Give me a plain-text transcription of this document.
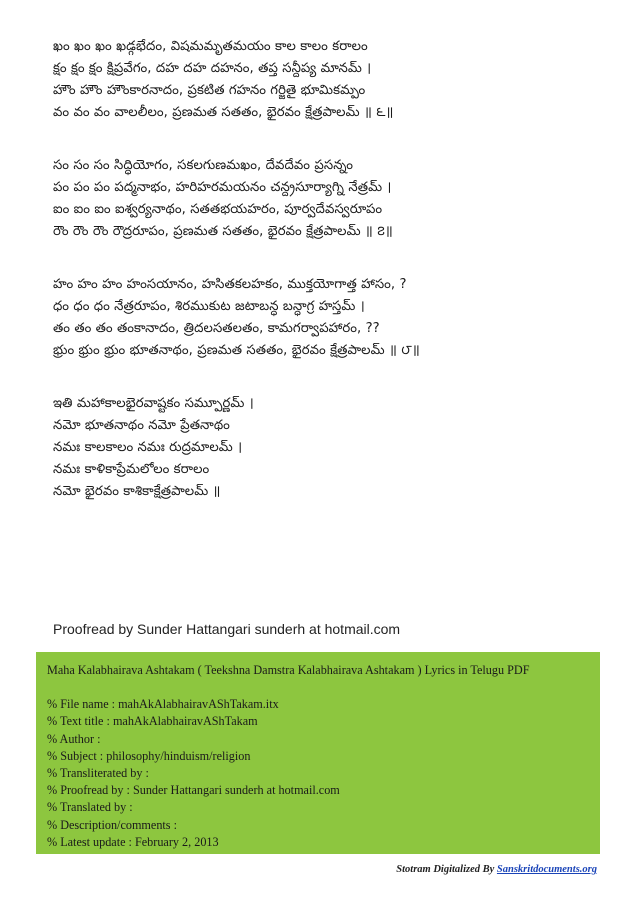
ఖం ఖం ఖం ఖడ్గభేదం, విషమమృతమయం కాల కాలం కరాలం
క్షం క్షం క్షం క్షిప్రవేగం, దహ దహ దహనం, తప్త సన్దీప్య మానమ్ ।
హౌం హౌం హౌంకారనాదం, ప్రకటిత గహనం గర్జితై భూమికమ్పం
వం వం వం వాలలీలం, ప్రణమత సతతం, భైరవం క్షేత్రపాలమ్ ॥ ౬॥
సం సం సం సిద్ధియోగం, సకలగుణమఖం, దేవదేవం ప్రసన్నం
పం పం పం పద్మనాభం, హరిహరమయనం చన్ద్రసూర్యాగ్ని నేత్రమ్ ।
ఐం ఐం ఐం ఐశ్వర్యనాథం, సతతభయహరం, పూర్వదేవస్వరూపం
రౌం రౌం రౌం రౌద్రరూపం, ప్రణమత సతతం, భైరవం క్షేత్రపాలమ్ ॥ ౭॥
హం హం హం హంసయానం, హసితకలహకం, ముక్తయోగాత్త హాసం, ?
ధం ధం ధం నేత్రరూపం, శిరముకుట జటాబన్ధ బన్ధాగ్ర హస్తమ్ ।
తం తం తం తంకానాదం, త్రిదలసతలతం, కామగర్వాపహారం, ??
భ్రుం భ్రుం భ్రుం భూతనాథం, ప్రణమత సతతం, భైరవం క్షేత్రపాలమ్ ॥ ౮॥
ఇతి మహాకాలభైరవాష్టకం సమ్పూర్ణమ్ ।
నమో భూతనాథం నమో ప్రేతనాథం
నమః కాలకాలం నమః రుద్రమాలమ్ ।
నమః కాళికాప్రేమలోలం కరాలం
నమో భైరవం కాశికాక్షేత్రపాలమ్ ॥
Proofread by Sunder Hattangari sunderh at hotmail.com
Maha Kalabhairava Ashtakam ( Teekshna Damstra Kalabhairava Ashtakam ) Lyrics in Telugu PDF
% File name : mahAkAlabhairavAShTakam.itx
% Text title : mahAkAlabhairavAShTakam
% Author :
% Subject : philosophy/hinduism/religion
% Transliterated by :
% Proofread by : Sunder Hattangari sunderh at hotmail.com
% Translated by :
% Description/comments :
% Latest update : February 2, 2013
Stotram Digitalized By Sanskritdocuments.org
